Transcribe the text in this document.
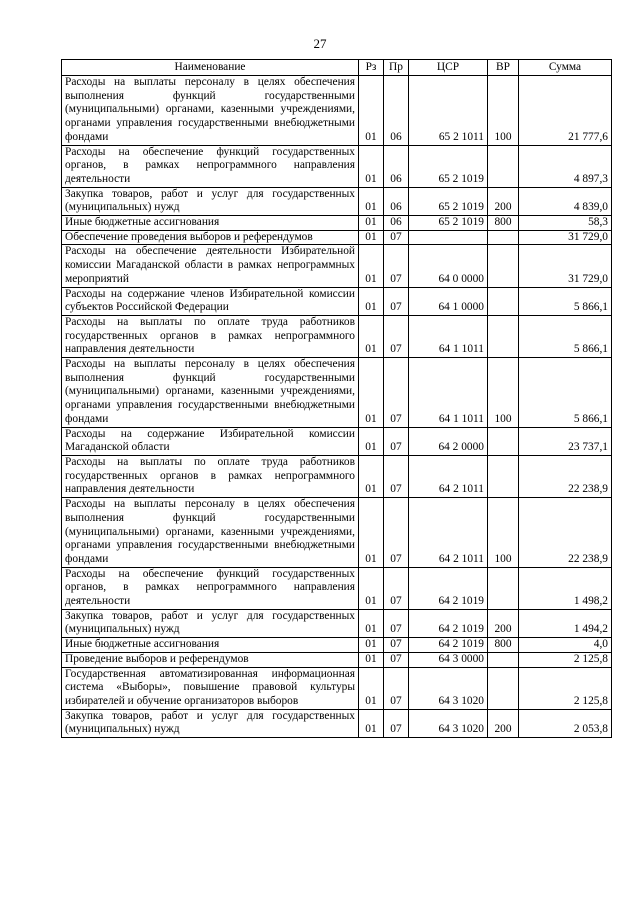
27
Наименование	Рз	Пр	ЦСР	ВР	Сумма
Расходы на выплаты персоналу в целях обеспечения выполнения функций государственными (муниципальными) органами, казенными учреждениями, органами управления государственными внебюджетными фондами	01	06	65 2 1011	100	21 777,6
Расходы на обеспечение функций государственных органов, в рамках непрограммного направления деятельности	01	06	65 2 1019		4 897,3
Закупка товаров, работ и услуг для государственных (муниципальных) нужд	01	06	65 2 1019	200	4 839,0
Иные бюджетные ассигнования	01	06	65 2 1019	800	58,3
Обеспечение проведения выборов и референдумов	01	07			31 729,0
Расходы на обеспечение деятельности Избирательной комиссии Магаданской области в рамках непрограммных мероприятий	01	07	64 0 0000		31 729,0
Расходы на содержание членов Избирательной комиссии субъектов Российской Федерации	01	07	64 1 0000		5 866,1
Расходы на выплаты по оплате труда работников государственных органов в рамках непрограммного направления деятельности	01	07	64 1 1011		5 866,1
Расходы на выплаты персоналу в целях обеспечения выполнения функций государственными (муниципальными) органами, казенными учреждениями, органами управления государственными внебюджетными фондами	01	07	64 1 1011	100	5 866,1
Расходы на содержание Избирательной комиссии Магаданской области	01	07	64 2 0000		23 737,1
Расходы на выплаты по оплате труда работников государственных органов в рамках непрограммного направления деятельности	01	07	64 2 1011		22 238,9
Расходы на выплаты персоналу в целях обеспечения выполнения функций государственными (муниципальными) органами, казенными учреждениями, органами управления государственными внебюджетными фондами	01	07	64 2 1011	100	22 238,9
Расходы на обеспечение функций государственных органов, в рамках непрограммного направления деятельности	01	07	64 2 1019		1 498,2
Закупка товаров, работ и услуг для государственных (муниципальных) нужд	01	07	64 2 1019	200	1 494,2
Иные бюджетные ассигнования	01	07	64 2 1019	800	4,0
Проведение выборов и референдумов	01	07	64 3 0000		2 125,8
Государственная автоматизированная информационная система «Выборы», повышение правовой культуры избирателей и обучение организаторов выборов	01	07	64 3 1020		2 125,8
Закупка товаров, работ и услуг для государственных (муниципальных) нужд	01	07	64 3 1020	200	2 053,8
